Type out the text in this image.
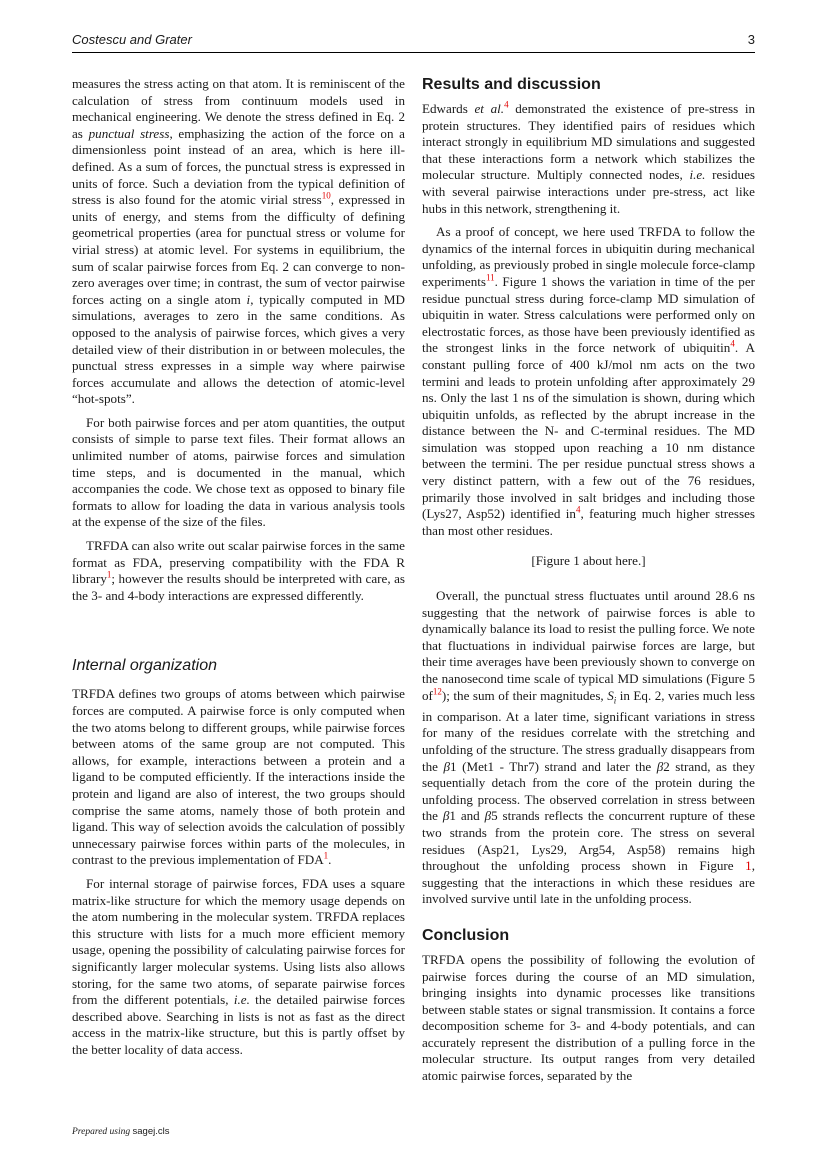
Costescu and Grater	3

measures the stress acting on that atom. It is reminiscent of the calculation of stress from continuum models used in mechanical engineering. We denote the stress defined in Eq. 2 as punctual stress, emphasizing the action of the force on a dimensionless point instead of an area, which is here ill-defined. As a sum of forces, the punctual stress is expressed in units of force. Such a deviation from the typical definition of stress is also found for the atomic virial stress$^{10}$, expressed in units of energy, and stems from the difficulty of defining geometrical properties (area for punctual stress or volume for virial stress) at atomic level. For systems in equilibrium, the sum of scalar pairwise forces from Eq. 2 can converge to non-zero averages over time; in contrast, the sum of vector pairwise forces acting on a single atom i, typically computed in MD simulations, averages to zero in the same conditions. As opposed to the analysis of pairwise forces, which gives a very detailed view of their distribution in or between molecules, the punctual stress expresses in a simple way where pairwise forces accumulate and allows the detection of atomic-level “hot-spots”.

For both pairwise forces and per atom quantities, the output consists of simple to parse text files. Their format allows an unlimited number of atoms, pairwise forces and simulation time steps, and is documented in the manual, which accompanies the code. We chose text as opposed to binary file formats to allow for loading the data in various analysis tools at the expense of the size of the files.

TRFDA can also write out scalar pairwise forces in the same format as FDA, preserving compatibility with the FDA R library$^1$; however the results should be interpreted with care, as the 3- and 4-body interactions are expressed differently.

Internal organization

TRFDA defines two groups of atoms between which pairwise forces are computed. A pairwise force is only computed when the two atoms belong to different groups, while pairwise forces between atoms of the same group are not computed. This allows, for example, interactions between a protein and a ligand to be computed efficiently. If the interactions inside the protein and ligand are also of interest, the two groups should comprise the same atoms, namely those of both protein and ligand. This way of selection avoids the calculation of possibly unnecessary pairwise forces within parts of the molecules, in contrast to the previous implementation of FDA$^1$.

For internal storage of pairwise forces, FDA uses a square matrix-like structure for which the memory usage depends on the atom numbering in the molecular system. TRFDA replaces this structure with lists for a much more efficient memory usage, opening the possibility of calculating pairwise forces for significantly larger molecular systems. Using lists also allows storing, for the same two atoms, of separate pairwise forces from the different potentials, i.e. the detailed pairwise forces described above. Searching in lists is not as fast as the direct access in the matrix-like structure, but this is partly offset by the better locality of data access.

Results and discussion

Edwards et al.$^4$ demonstrated the existence of pre-stress in protein structures. They identified pairs of residues which interact strongly in equilibrium MD simulations and suggested that these interactions form a network which stabilizes the molecular structure. Multiply connected nodes, i.e. residues with several pairwise interactions under pre-stress, act like hubs in this network, strengthening it.

As a proof of concept, we here used TRFDA to follow the dynamics of the internal forces in ubiquitin during mechanical unfolding, as previously probed in single molecule force-clamp experiments$^{11}$. Figure 1 shows the variation in time of the per residue punctual stress during force-clamp MD simulation of ubiquitin in water. Stress calculations were performed only on electrostatic forces, as those have been previously identified as the strongest links in the force network of ubiquitin$^4$. A constant pulling force of 400 kJ/mol nm acts on the two termini and leads to protein unfolding after approximately 29 ns. Only the last 1 ns of the simulation is shown, during which ubiquitin unfolds, as reflected by the abrupt increase in the distance between the N- and C-terminal residues. The MD simulation was stopped upon reaching a 10 nm distance between the termini. The per residue punctual stress shows a very distinct pattern, with a few out of the 76 residues, primarily those involved in salt bridges and including those (Lys27, Asp52) identified in$^4$, featuring much higher stresses than most other residues.

[Figure 1 about here.]

Overall, the punctual stress fluctuates until around 28.6 ns suggesting that the network of pairwise forces is able to dynamically balance its load to resist the pulling force. We note that fluctuations in individual pairwise forces are large, but their time averages have been previously shown to converge on the nanosecond time scale of typical MD simulations (Figure 5 of$^{12}$); the sum of their magnitudes, $S_i$ in Eq. 2, varies much less in comparison. At a later time, significant variations in stress for many of the residues correlate with the stretching and unfolding of the structure. The stress gradually disappears from the β1 (Met1 - Thr7) strand and later the β2 strand, as they sequentially detach from the core of the protein during the unfolding process. The observed correlation in stress between the β1 and β5 strands reflects the concurrent rupture of these two strands from the protein core. The stress on several residues (Asp21, Lys29, Arg54, Asp58) remains high throughout the unfolding process shown in Figure 1, suggesting that the interactions in which these residues are involved survive until late in the unfolding process.

Conclusion

TRFDA opens the possibility of following the evolution of pairwise forces during the course of an MD simulation, bringing insights into dynamic processes like transitions between stable states or signal transmission. It contains a force decomposition scheme for 3- and 4-body potentials, and can accurately represent the distribution of a pulling force in the molecular structure. Its output ranges from very detailed atomic pairwise forces, separated by the

Prepared using sagej.cls
